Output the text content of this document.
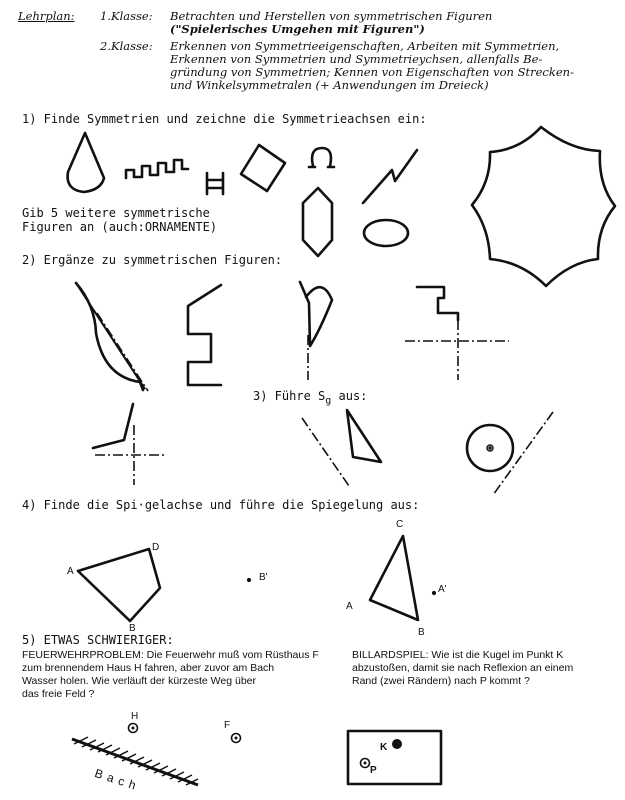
Lehrplan: 1.Klasse: Betrachten und Herstellen von symmetrischen Figuren
("Spielerisches Umgehen mit Figuren")
2.Klasse: Erkennen von Symmetrieeigenschaften, Arbeiten mit Symmetrien,
Erkennen von Symmetrien und Symmetrieychsen, allenfalls Be-
gründung von Symmetrien; Kennen von Eigenschaften von Strecken-
und Winkelsymmetralen (+ Anwendungen im Dreieck)
1) Finde Symmetrien und zeichne die Symmetrieachsen ein:
Gib 5 weitere symmetrische
Figuren an (auch:ORNAMENTE)
2) Ergänze zu symmetrischen Figuren:
3) Führe $S_g$ aus:
4) Finde die Spi·gelachse und führe die Spiegelung aus:
5) ETWAS SCHWIERIGER:
FEUERWEHRPROBLEM: Die Feuerwehr muß vom Rüsthaus F
zum brennendem Haus H fahren, aber zuvor am Bach
Wasser holen. Wie verläuft der kürzeste Weg über
das freie Feld ?
BILLARDSPIEL: Wie ist die Kugel im Punkt K
abzustoßen, damit sie nach Reflexion an einem
Rand (zwei Rändern) nach P kommt ?
A
D
B
B'
C
A
B
A'
H
F
Bach
K
P
